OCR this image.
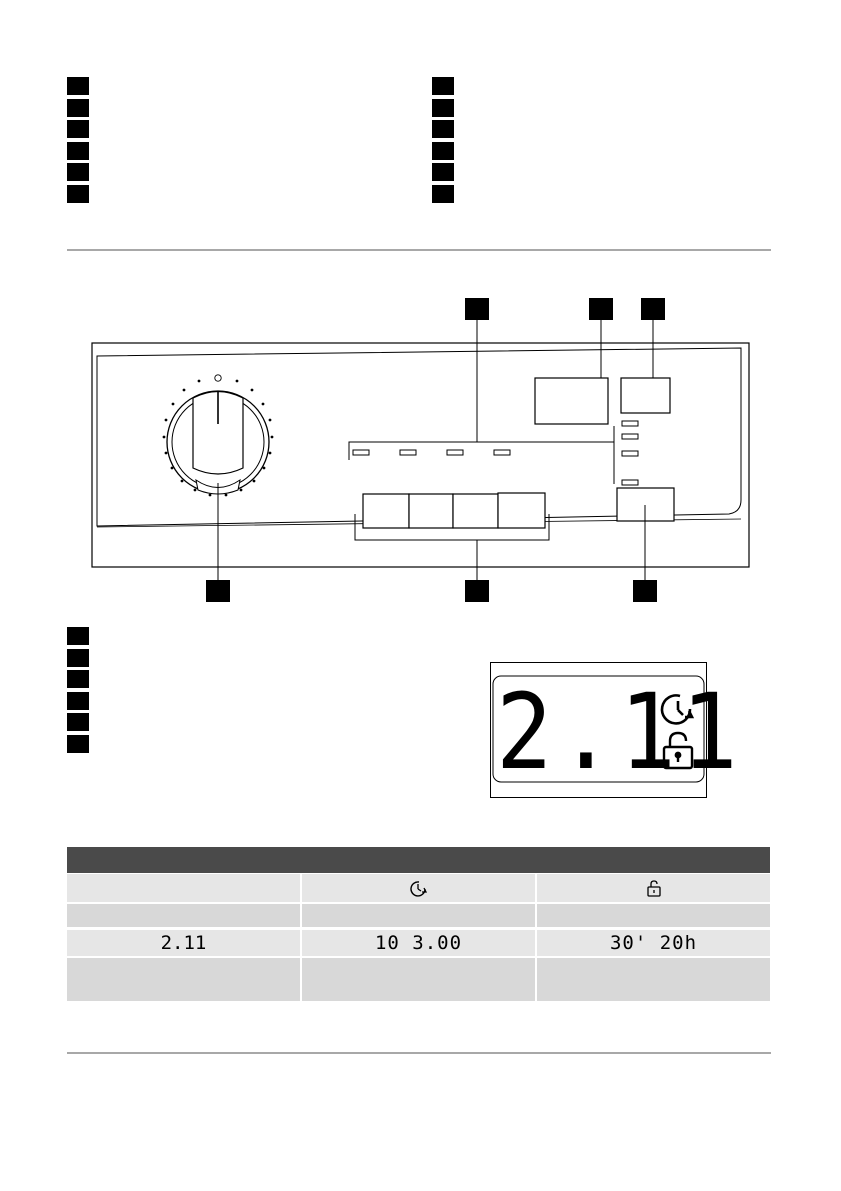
2.11
2.11	10 3.00	30' 20h
